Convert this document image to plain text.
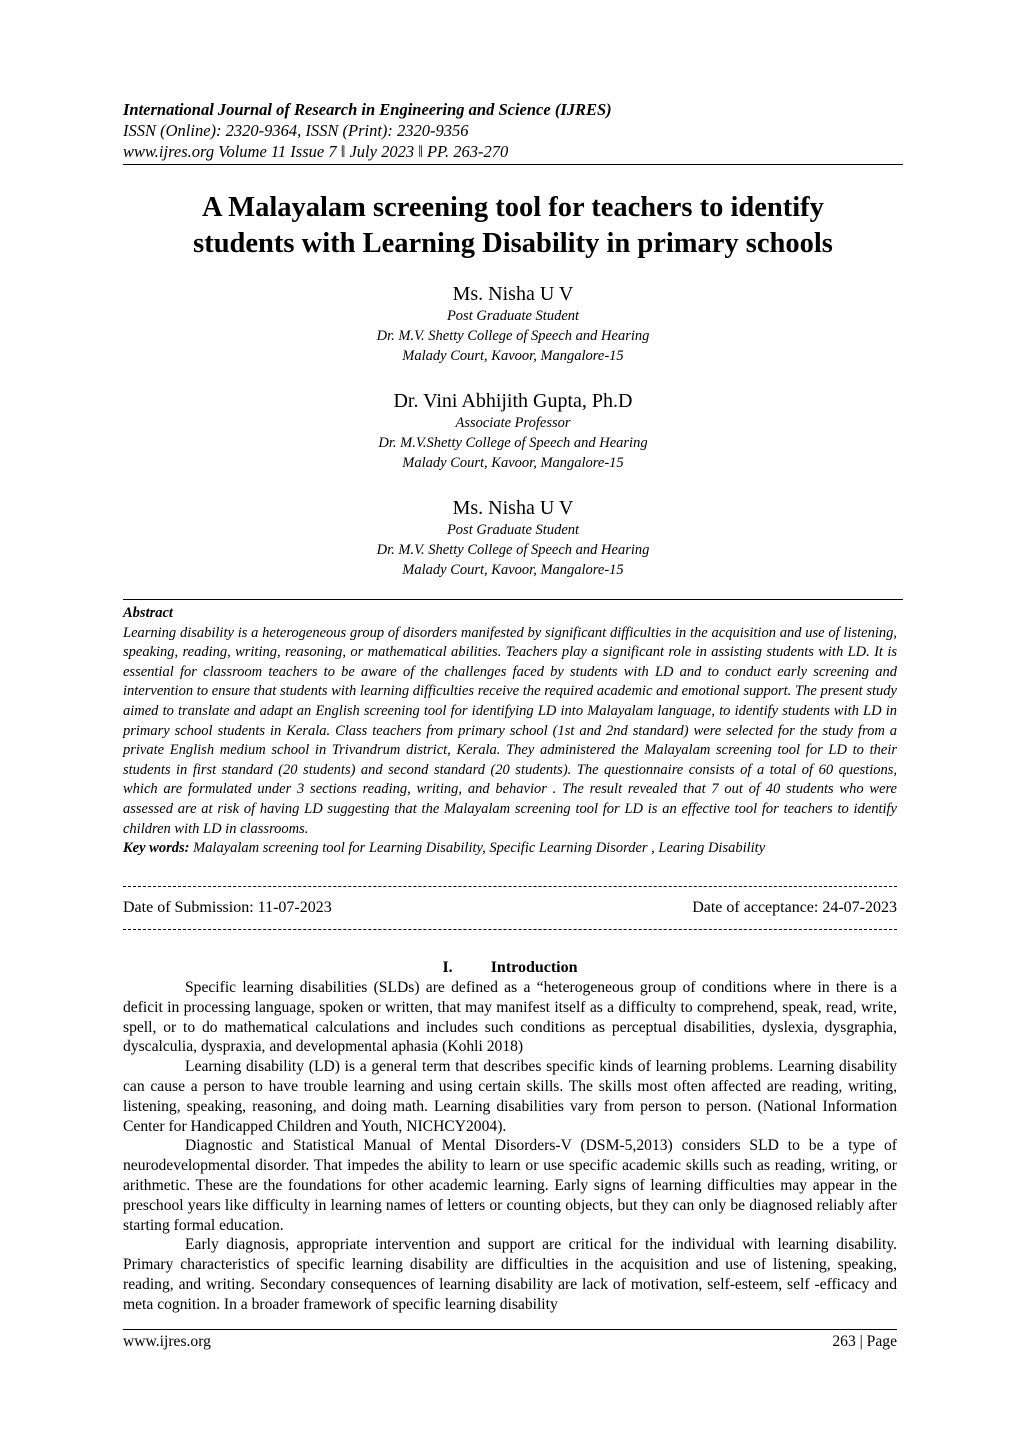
International Journal of Research in Engineering and Science (IJRES)
ISSN (Online): 2320-9364, ISSN (Print): 2320-9356
www.ijres.org Volume 11 Issue 7 ǁ July 2023 ǁ PP. 263-270
A Malayalam screening tool for teachers to identify
students with Learning Disability in primary schools
Ms. Nisha U V
Post Graduate Student
Dr. M.V. Shetty College of Speech and Hearing
Malady Court, Kavoor, Mangalore-15
Dr. Vini Abhijith Gupta, Ph.D
Associate Professor
Dr. M.V.Shetty College of Speech and Hearing
Malady Court, Kavoor, Mangalore-15
Ms. Nisha U V
Post Graduate Student
Dr. M.V. Shetty College of Speech and Hearing
Malady Court, Kavoor, Mangalore-15
Abstract
Learning disability is a heterogeneous group of disorders manifested by significant difficulties in the acquisition and use of listening, speaking, reading, writing, reasoning, or mathematical abilities. Teachers play a significant role in assisting students with LD. It is essential for classroom teachers to be aware of the challenges faced by students with LD and to conduct early screening and intervention to ensure that students with learning difficulties receive the required academic and emotional support. The present study aimed to translate and adapt an English screening tool for identifying LD into Malayalam language, to identify students with LD in primary school students in Kerala. Class teachers from primary school (1st and 2nd standard) were selected for the study from a private English medium school in Trivandrum district, Kerala. They administered the Malayalam screening tool for LD to their students in first standard (20 students) and second standard (20 students). The questionnaire consists of a total of 60 questions, which are formulated under 3 sections reading, writing, and behavior . The result revealed that 7 out of 40 students who were assessed are at risk of having LD suggesting that the Malayalam screening tool for LD is an effective tool for teachers to identify children with LD in classrooms.
Key words: Malayalam screening tool for Learning Disability, Specific Learning Disorder , Learing Disability
Date of Submission: 11-07-2023	Date of acceptance: 24-07-2023
I. Introduction

Specific learning disabilities (SLDs) are defined as a “heterogeneous group of conditions where in there is a deficit in processing language, spoken or written, that may manifest itself as a difficulty to comprehend, speak, read, write, spell, or to do mathematical calculations and includes such conditions as perceptual disabilities, dyslexia, dysgraphia, dyscalculia, dyspraxia, and developmental aphasia (Kohli 2018)

Learning disability (LD) is a general term that describes specific kinds of learning problems. Learning disability can cause a person to have trouble learning and using certain skills. The skills most often affected are reading, writing, listening, speaking, reasoning, and doing math. Learning disabilities vary from person to person. (National Information Center for Handicapped Children and Youth, NICHCY2004).

Diagnostic and Statistical Manual of Mental Disorders-V (DSM-5,2013) considers SLD to be a type of neurodevelopmental disorder. That impedes the ability to learn or use specific academic skills such as reading, writing, or arithmetic. These are the foundations for other academic learning. Early signs of learning difficulties may appear in the preschool years like difficulty in learning names of letters or counting objects, but they can only be diagnosed reliably after starting formal education.

Early diagnosis, appropriate intervention and support are critical for the individual with learning disability. Primary characteristics of specific learning disability are difficulties in the acquisition and use of listening, speaking, reading, and writing. Secondary consequences of learning disability are lack of motivation, self-esteem, self -efficacy and meta cognition. In a broader framework of specific learning disability

www.ijres.org	263 | Page
